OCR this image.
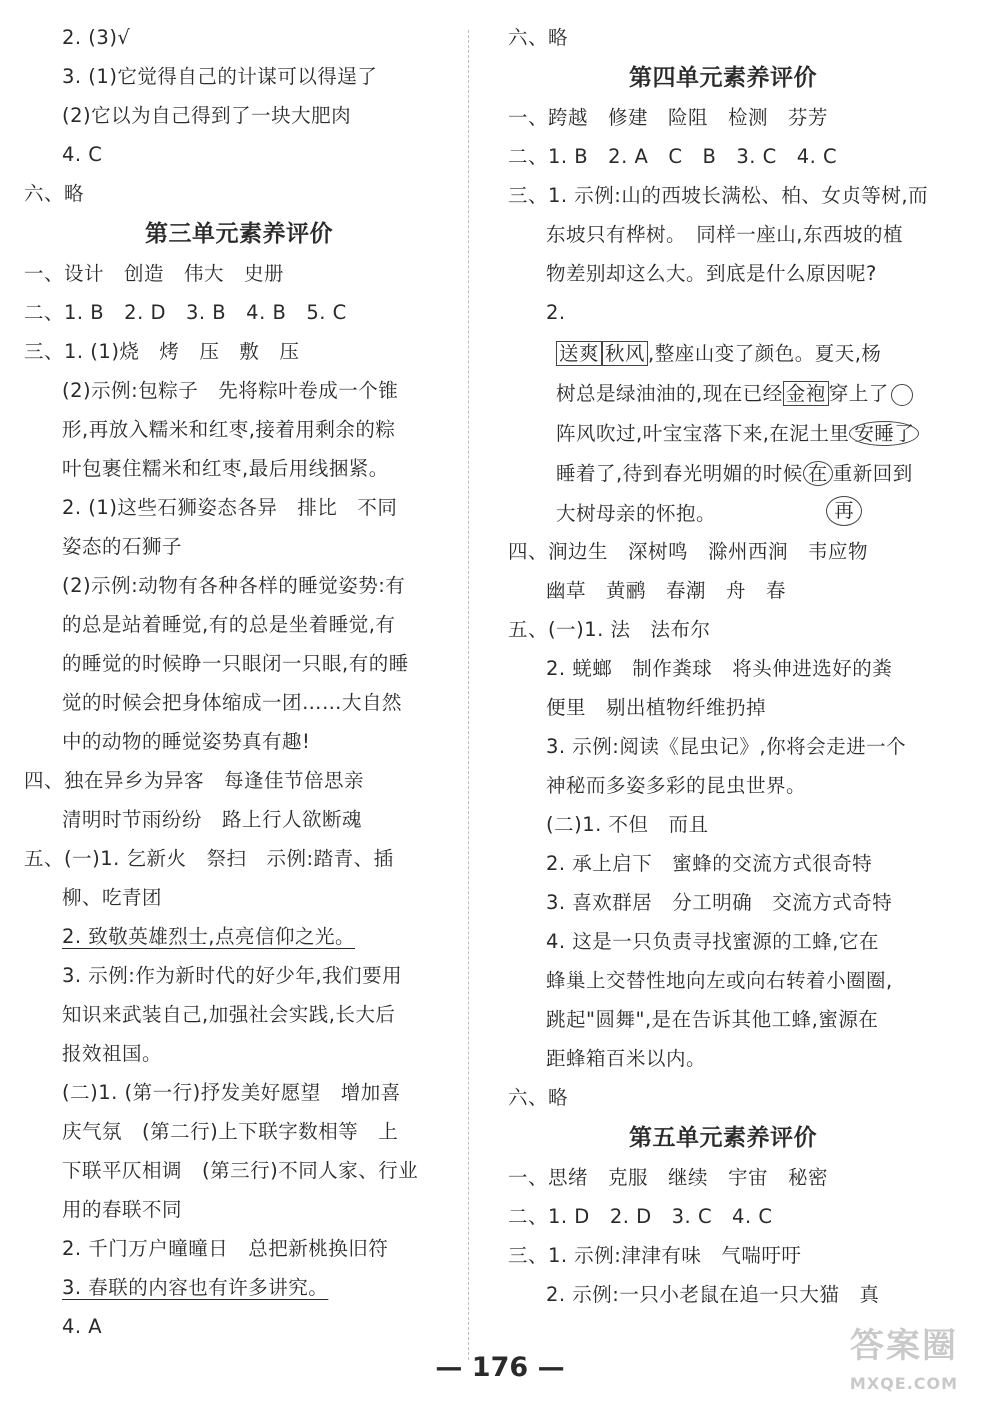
2. (3)√
3. (1)它觉得自己的计谋可以得逞了
(2)它以为自己得到了一块大肥肉
4. C
六、略
第三单元素养评价
一、设计　创造　伟大　史册
二、1. B　2. D　3. B　4. B　5. C
三、1. (1)烧　烤　压　敷　压
(2)示例:包粽子　先将粽叶卷成一个锥
形,再放入糯米和红枣,接着用剩余的粽
叶包裹住糯米和红枣,最后用线捆紧。
2. (1)这些石狮姿态各异　排比　不同
姿态的石狮子
(2)示例:动物有各种各样的睡觉姿势:有
的总是站着睡觉,有的总是坐着睡觉,有
的睡觉的时候睁一只眼闭一只眼,有的睡
觉的时候会把身体缩成一团……大自然
中的动物的睡觉姿势真有趣!
四、独在异乡为异客　每逢佳节倍思亲
清明时节雨纷纷　路上行人欲断魂
五、(一)1. 乞新火　祭扫　示例:踏青、插
柳、吃青团
2. 致敬英雄烈士,点亮信仰之光。
3. 示例:作为新时代的好少年,我们要用
知识来武装自己,加强社会实践,长大后
报效祖国。
(二)1. (第一行)抒发美好愿望　增加喜
庆气氛　(第二行)上下联字数相等　上
下联平仄相调　(第三行)不同人家、行业
用的春联不同
2. 千门万户曈曈日　总把新桃换旧符
3. 春联的内容也有许多讲究。
4. A
六、略
第四单元素养评价
一、跨越　修建　险阻　检测　芬芳
二、1. B　2. A　C　B　3. C　4. C
三、1. 示例:山的西坡长满松、柏、女贞等树,而
东坡只有桦树。　同样一座山,东西坡的植
物差别却这么大。到底是什么原因呢?
2.
送爽 秋风 ,整座山变了颜色。夏天,杨
树总是绿油油的,现在已经 金袍 穿上了
阵风吹过,叶宝宝落下来,在泥土里 安睡了
睡着了,待到春光明媚的时候 在 重新回到
大树母亲的怀抱。	再
四、涧边生　深树鸣　滁州西涧　韦应物
幽草　黄鹂　春潮　舟　春
五、(一)1. 法　法布尔
2. 蜣螂　制作粪球　将头伸进选好的粪
便里　剔出植物纤维扔掉
3. 示例:阅读《昆虫记》,你将会走进一个
神秘而多姿多彩的昆虫世界。
(二)1. 不但　而且
2. 承上启下　蜜蜂的交流方式很奇特
3. 喜欢群居　分工明确　交流方式奇特
4. 这是一只负责寻找蜜源的工蜂,它在
蜂巢上交替性地向左或向右转着小圈圈,
跳起"圆舞",是在告诉其他工蜂,蜜源在
距蜂箱百米以内。
六、略
第五单元素养评价
一、思绪　克服　继续　宇宙　秘密
二、1. D　2. D　3. C　4. C
三、1. 示例:津津有味　气喘吁吁
2. 示例:一只小老鼠在追一只大猫　真
— 176 —
答案圈
MXQE.COM
